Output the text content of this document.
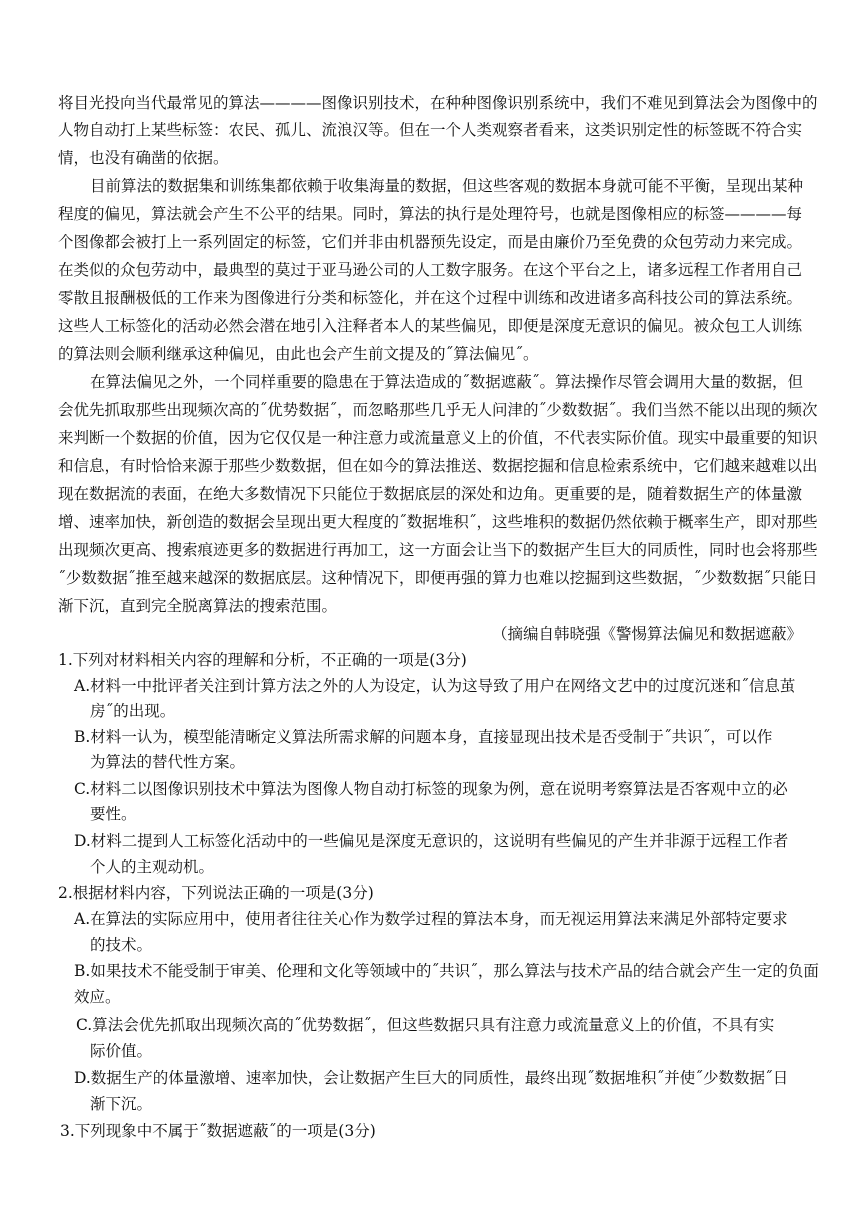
将目光投向当代最常见的算法————图像识别技术，在种种图像识别系统中，我们不难见到算法会为图像中的
人物自动打上某些标签：农民、孤儿、流浪汉等。但在一个人类观察者看来，这类识别定性的标签既不符合实
情，也没有确凿的依据。
目前算法的数据集和训练集都依赖于收集海量的数据，但这些客观的数据本身就可能不平衡，呈现出某种
程度的偏见，算法就会产生不公平的结果。同时，算法的执行是处理符号，也就是图像相应的标签————每
个图像都会被打上一系列固定的标签，它们并非由机器预先设定，而是由廉价乃至免费的众包劳动力来完成。
在类似的众包劳动中，最典型的莫过于亚马逊公司的人工数字服务。在这个平台之上，诸多远程工作者用自己
零散且报酬极低的工作来为图像进行分类和标签化，并在这个过程中训练和改进诸多高科技公司的算法系统。
这些人工标签化的活动必然会潜在地引入注释者本人的某些偏见，即便是深度无意识的偏见。被众包工人训练
的算法则会顺利继承这种偏见，由此也会产生前文提及的˝算法偏见˝。
在算法偏见之外，一个同样重要的隐患在于算法造成的˝数据遮蔽˝。算法操作尽管会调用大量的数据，但
会优先抓取那些出现频次高的˝优势数据˝，而忽略那些几乎无人问津的˝少数数据˝。我们当然不能以出现的频次
来判断一个数据的价值，因为它仅仅是一种注意力或流量意义上的价值，不代表实际价值。现实中最重要的知识
和信息，有时恰恰来源于那些少数数据，但在如今的算法推送、数据挖掘和信息检索系统中，它们越来越难以出
现在数据流的表面，在绝大多数情况下只能位于数据底层的深处和边角。更重要的是，随着数据生产的体量激
增、速率加快，新创造的数据会呈现出更大程度的˝数据堆积˝，这些堆积的数据仍然依赖于概率生产，即对那些
出现频次更高、搜索痕迹更多的数据进行再加工，这一方面会让当下的数据产生巨大的同质性，同时也会将那些
˝少数数据˝推至越来越深的数据底层。这种情况下，即便再强的算力也难以挖掘到这些数据，˝少数数据˝只能日
渐下沉，直到完全脱离算法的搜索范围。
（摘编自韩晓强《警惕算法偏见和数据遮蔽》
1.下列对材料相关内容的理解和分析，不正确的一项是(3分)
A.材料一中批评者关注到计算方法之外的人为设定，认为这导致了用户在网络文艺中的过度沉迷和˝信息茧
房˝的出现。
B.材料一认为，模型能清晰定义算法所需求解的问题本身，直接显现出技术是否受制于˝共识˝，可以作
为算法的替代性方案。
C.材料二以图像识别技术中算法为图像人物自动打标签的现象为例，意在说明考察算法是否客观中立的必
要性。
D.材料二提到人工标签化活动中的一些偏见是深度无意识的，这说明有些偏见的产生并非源于远程工作者
个人的主观动机。
2.根据材料内容，下列说法正确的一项是(3分)
A.在算法的实际应用中，使用者往往关心作为数学过程的算法本身，而无视运用算法来满足外部特定要求
的技术。
B.如果技术不能受制于审美、伦理和文化等领域中的˝共识˝，那么算法与技术产品的结合就会产生一定的负面
效应。
C.算法会优先抓取出现频次高的˝优势数据˝，但这些数据只具有注意力或流量意义上的价值，不具有实
际价值。
D.数据生产的体量激增、速率加快，会让数据产生巨大的同质性，最终出现˝数据堆积˝并使˝少数数据˝日
渐下沉。
3.下列现象中不属于˝数据遮蔽˝的一项是(3分)
